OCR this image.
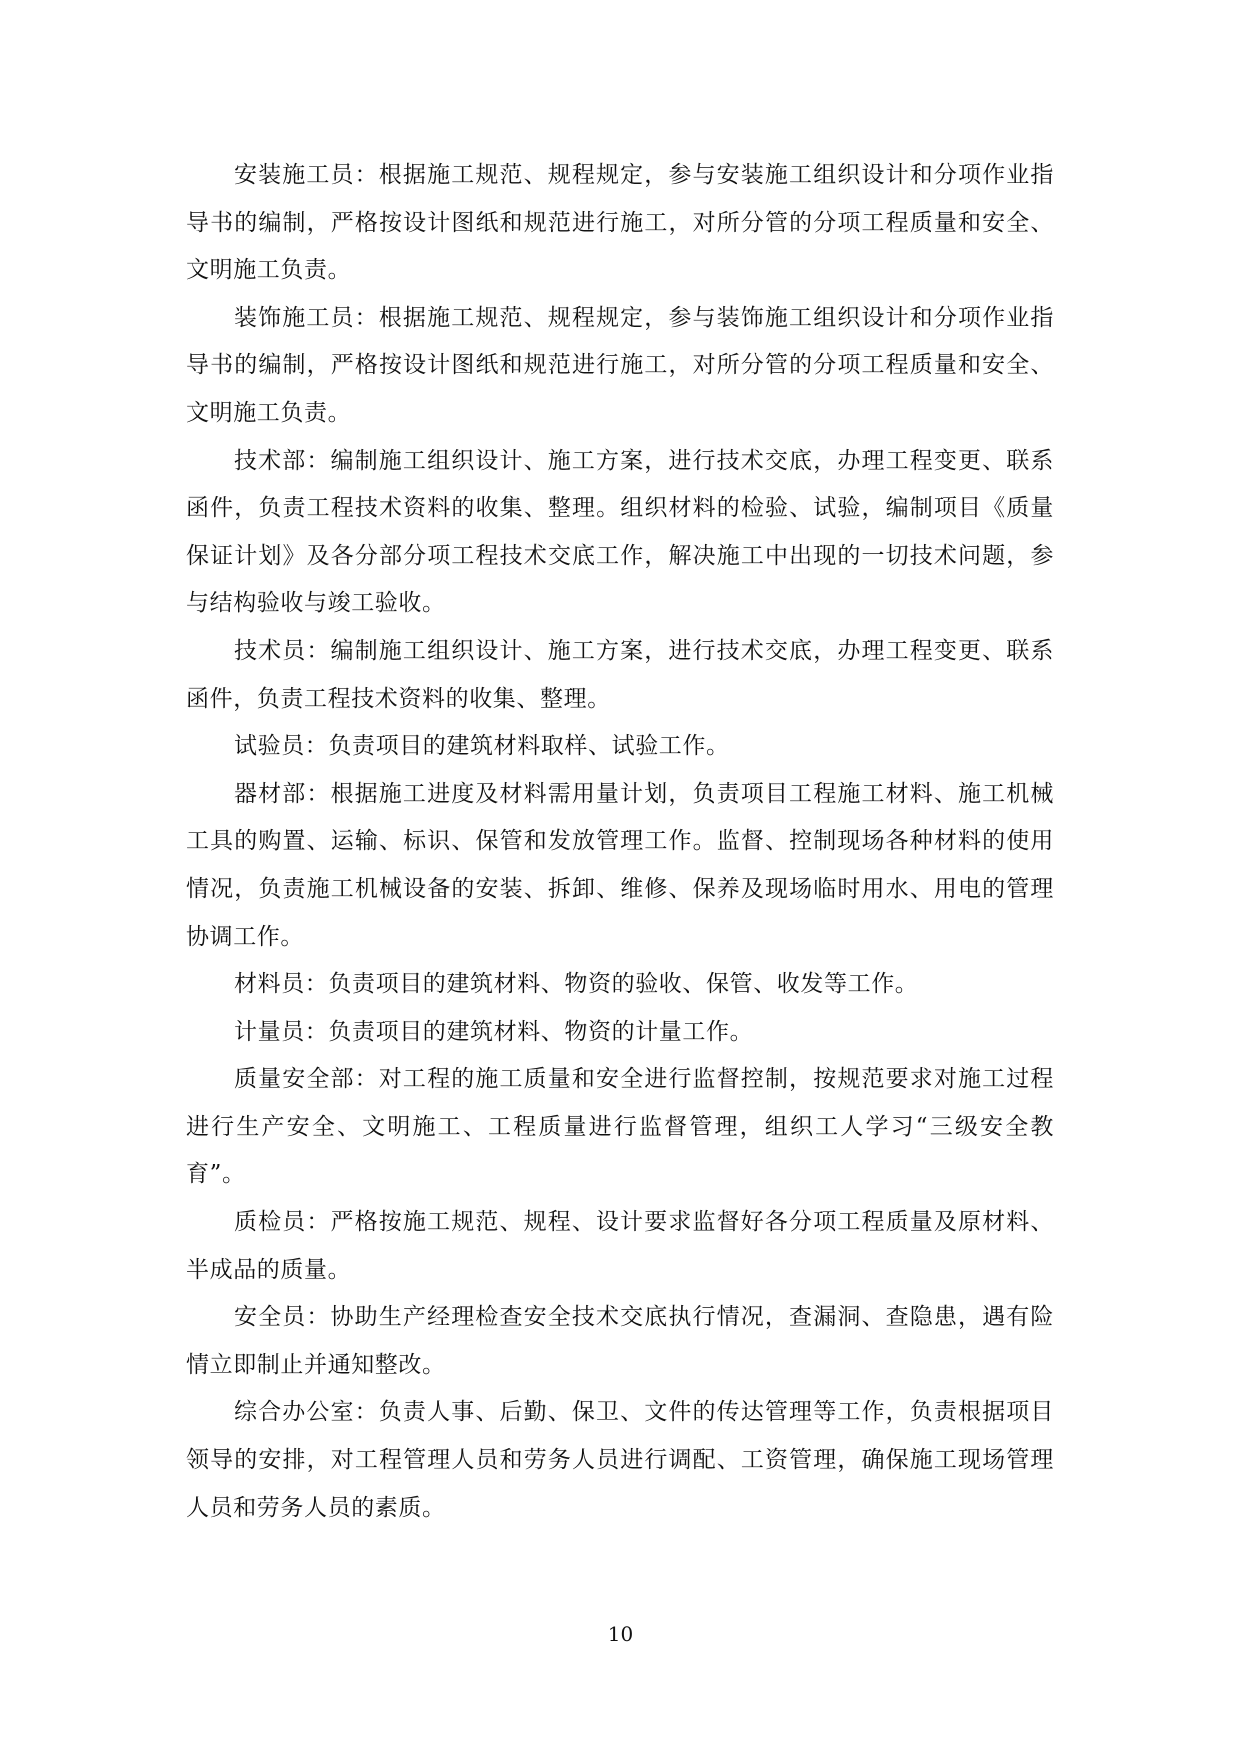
安装施工员：根据施工规范、规程规定，参与安装施工组织设计和分项作业指导书的编制，严格按设计图纸和规范进行施工，对所分管的分项工程质量和安全、文明施工负责。

装饰施工员：根据施工规范、规程规定，参与装饰施工组织设计和分项作业指导书的编制，严格按设计图纸和规范进行施工，对所分管的分项工程质量和安全、文明施工负责。

技术部：编制施工组织设计、施工方案，进行技术交底，办理工程变更、联系函件，负责工程技术资料的收集、整理。组织材料的检验、试验，编制项目《质量保证计划》及各分部分项工程技术交底工作，解决施工中出现的一切技术问题，参与结构验收与竣工验收。

技术员：编制施工组织设计、施工方案，进行技术交底，办理工程变更、联系函件，负责工程技术资料的收集、整理。

试验员：负责项目的建筑材料取样、试验工作。

器材部：根据施工进度及材料需用量计划，负责项目工程施工材料、施工机械工具的购置、运输、标识、保管和发放管理工作。监督、控制现场各种材料的使用情况，负责施工机械设备的安装、拆卸、维修、保养及现场临时用水、用电的管理协调工作。

材料员：负责项目的建筑材料、物资的验收、保管、收发等工作。

计量员：负责项目的建筑材料、物资的计量工作。

质量安全部：对工程的施工质量和安全进行监督控制，按规范要求对施工过程进行生产安全、文明施工、工程质量进行监督管理，组织工人学习“三级安全教育”。

质检员：严格按施工规范、规程、设计要求监督好各分项工程质量及原材料、半成品的质量。

安全员：协助生产经理检查安全技术交底执行情况，查漏洞、查隐患，遇有险情立即制止并通知整改。

综合办公室：负责人事、后勤、保卫、文件的传达管理等工作，负责根据项目领导的安排，对工程管理人员和劳务人员进行调配、工资管理，确保施工现场管理人员和劳务人员的素质。

10
